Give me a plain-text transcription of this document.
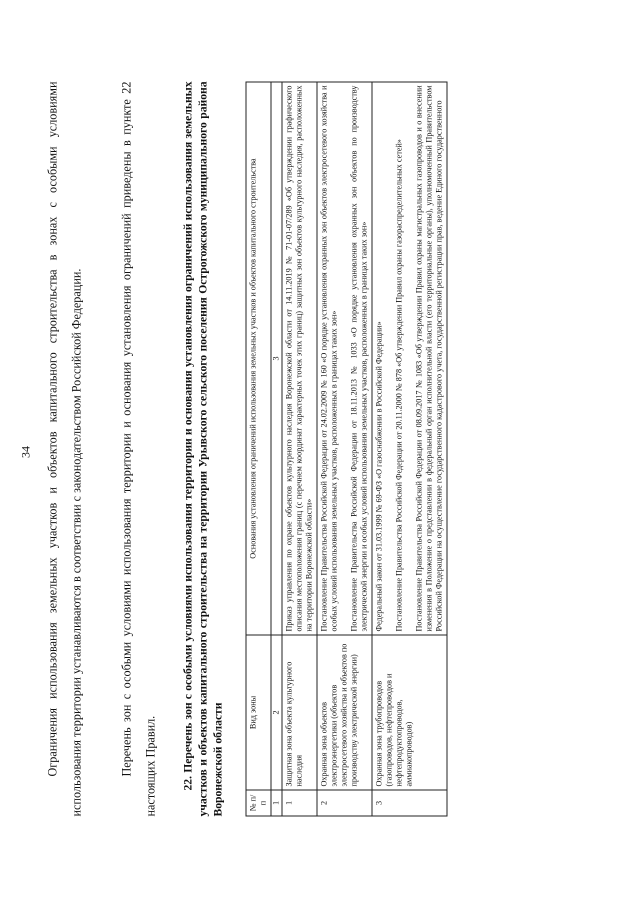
34	Ограничения использования земельных участков и объектов капитального строительства в зонах с особыми условиями использования территории устанавливаются в соответствии с законодательством Российской Федерации.	Перечень зон с особыми условиями использования территории и основания установления ограничений приведены в пункте 22 настоящих Правил.	22. Перечень зон с особыми условиями использования территории и основания установления ограничений использования земельных участков и объектов капитального строительства на территории Урывского сельского поселения Острогожского муниципального района Воронежской области	№ п/п	Вид зоны	Основания установления ограничений использования земельных участков и объектов капитального строительства
1	2	3
1	Защитная зона объекта культурного наследия	Приказ управления по охране объектов культурного наследия Воронежской области от 14.11.2019 № 71-01-07/289 «Об утверждении графического описания местоположения границ (с перечнем координат характерных точек этих границ) защитных зон объектов культурного наследия, расположенных на территории Воронежской области»

2	Охранная зона объектов электроэнергетики (объектов электросетевого хозяйства и объектов по производству электрической энергии)	Постановление Правительства Российской Федерации от 24.02.2009 № 160 «О порядке установления охранных зон объектов электросетевого хозяйства и особых условий использования земельных участков, расположенных в границах таких зон» Постановление Правительства Российской Федерации от 18.11.2013 № 1033 «О порядке установления охранных зон объектов по производству электрической энергии и особых условий использования земельных участков, расположенных в границах таких зон»

3	Охранная зона трубопроводов (газопроводов, нефтепроводов и нефтепродуктопроводов, аммиакопроводов)	Федеральный закон от 31.03.1999 № 69-ФЗ «О газоснабжении в Российской Федерации» Постановление Правительства Российской Федерации от 20.11.2000 № 878 «Об утверждении Правил охраны газораспределительных сетей» Постановление Правительства Российской Федерации от 08.09.2017 № 1083 «Об утверждении Правил охраны магистральных газопроводов и о внесении изменения в Положение о представлении в федеральный орган исполнительной власти (его территориальные органы), уполномоченный Правительством Российской Федерации на осуществление государственного кадастрового учета, государственной регистрации прав, ведение Единого государственного
